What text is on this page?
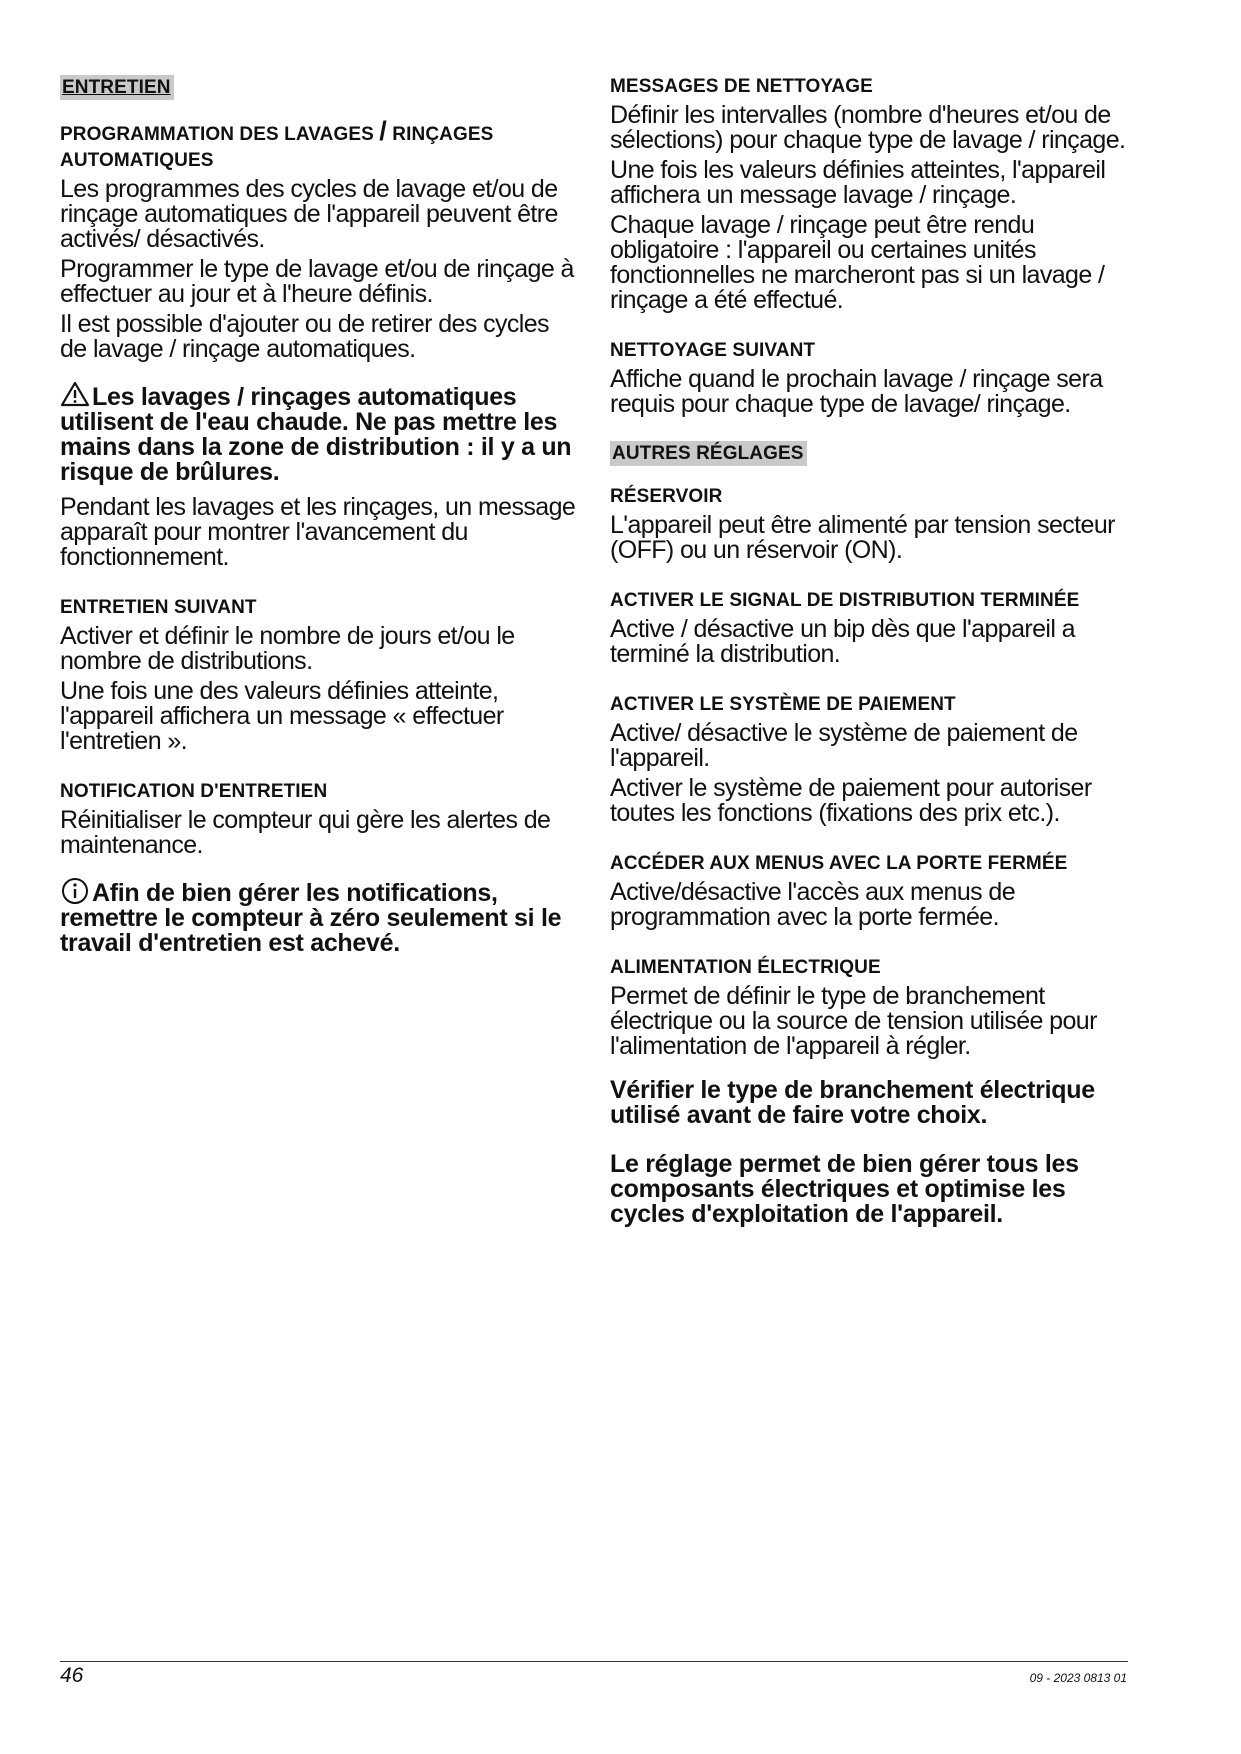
ENTRETIEN
PROGRAMMATION DES LAVAGES / RINÇAGES
AUTOMATIQUES
Les programmes des cycles de lavage et/ou de rinçage automatiques de l'appareil peuvent être activés/ désactivés.
Programmer le type de lavage et/ou de rinçage à effectuer au jour et à l'heure définis.
Il est possible d'ajouter ou de retirer des cycles de lavage / rinçage automatiques.
Les lavages / rinçages automatiques utilisent de l'eau chaude. Ne pas mettre les mains dans la zone de distribution : il y a un risque de brûlures.
Pendant les lavages et les rinçages, un message apparaît pour montrer l'avancement du fonctionnement.
ENTRETIEN SUIVANT
Activer et définir le nombre de jours et/ou le nombre de distributions.
Une fois une des valeurs définies atteinte, l'appareil affichera un message « effectuer l'entretien ».
NOTIFICATION D'ENTRETIEN
Réinitialiser le compteur qui gère les alertes de maintenance.
Afin de bien gérer les notifications, remettre le compteur à zéro seulement si le travail d'entretien est achevé.
MESSAGES DE NETTOYAGE
Définir les intervalles (nombre d'heures et/ou de sélections) pour chaque type de lavage / rinçage.
Une fois les valeurs définies atteintes, l'appareil affichera un message lavage / rinçage.
Chaque lavage / rinçage peut être rendu obligatoire : l'appareil ou certaines unités fonctionnelles ne marcheront pas si un lavage / rinçage a été effectué.
NETTOYAGE SUIVANT
Affiche quand le prochain lavage / rinçage sera requis pour chaque type de lavage/ rinçage.
AUTRES RÉGLAGES
RÉSERVOIR
L'appareil peut être alimenté par tension secteur (OFF) ou un réservoir (ON).
ACTIVER LE SIGNAL DE DISTRIBUTION TERMINÉE
Active / désactive un bip dès que l'appareil a terminé la distribution.
ACTIVER LE SYSTÈME DE PAIEMENT
Active/ désactive le système de paiement de l'appareil.
Activer le système de paiement pour autoriser toutes les fonctions (fixations des prix etc.).
ACCÉDER AUX MENUS AVEC LA PORTE FERMÉE
Active/désactive l'accès aux menus de programmation avec la porte fermée.
ALIMENTATION ÉLECTRIQUE
Permet de définir le type de branchement électrique ou la source de tension utilisée pour l'alimentation de l'appareil à régler.
Vérifier le type de branchement électrique utilisé avant de faire votre choix.
Le réglage permet de bien gérer tous les composants électriques et optimise les cycles d'exploitation de l'appareil.
46	09 - 2023 0813 01
